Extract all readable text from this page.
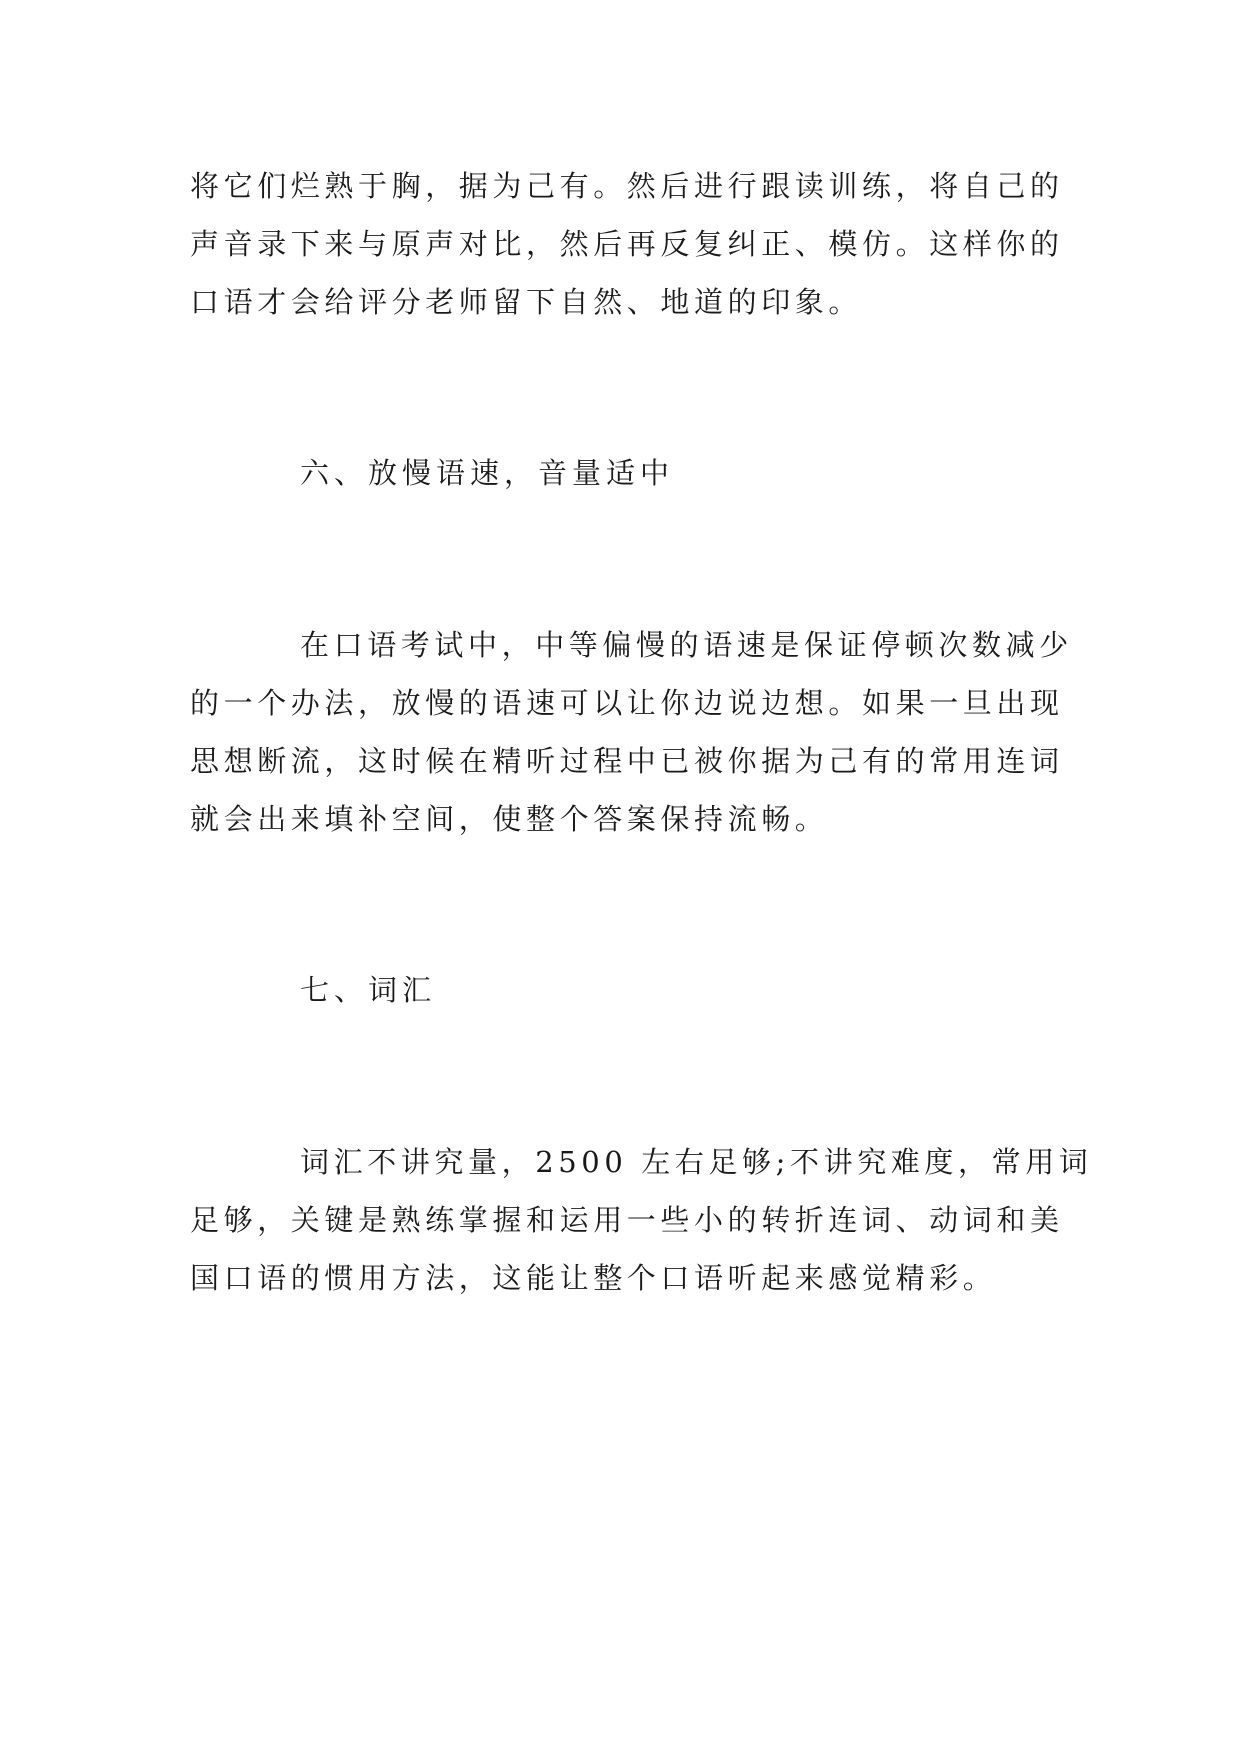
将它们烂熟于胸，据为己有。然后进行跟读训练，将自己的
声音录下来与原声对比，然后再反复纠正、模仿。这样你的
口语才会给评分老师留下自然、地道的印象。
六、放慢语速，音量适中
在口语考试中，中等偏慢的语速是保证停顿次数减少
的一个办法，放慢的语速可以让你边说边想。如果一旦出现
思想断流，这时候在精听过程中已被你据为己有的常用连词
就会出来填补空间，使整个答案保持流畅。
七、词汇
词汇不讲究量，2500 左右足够;不讲究难度，常用词
足够，关键是熟练掌握和运用一些小的转折连词、动词和美
国口语的惯用方法，这能让整个口语听起来感觉精彩。
